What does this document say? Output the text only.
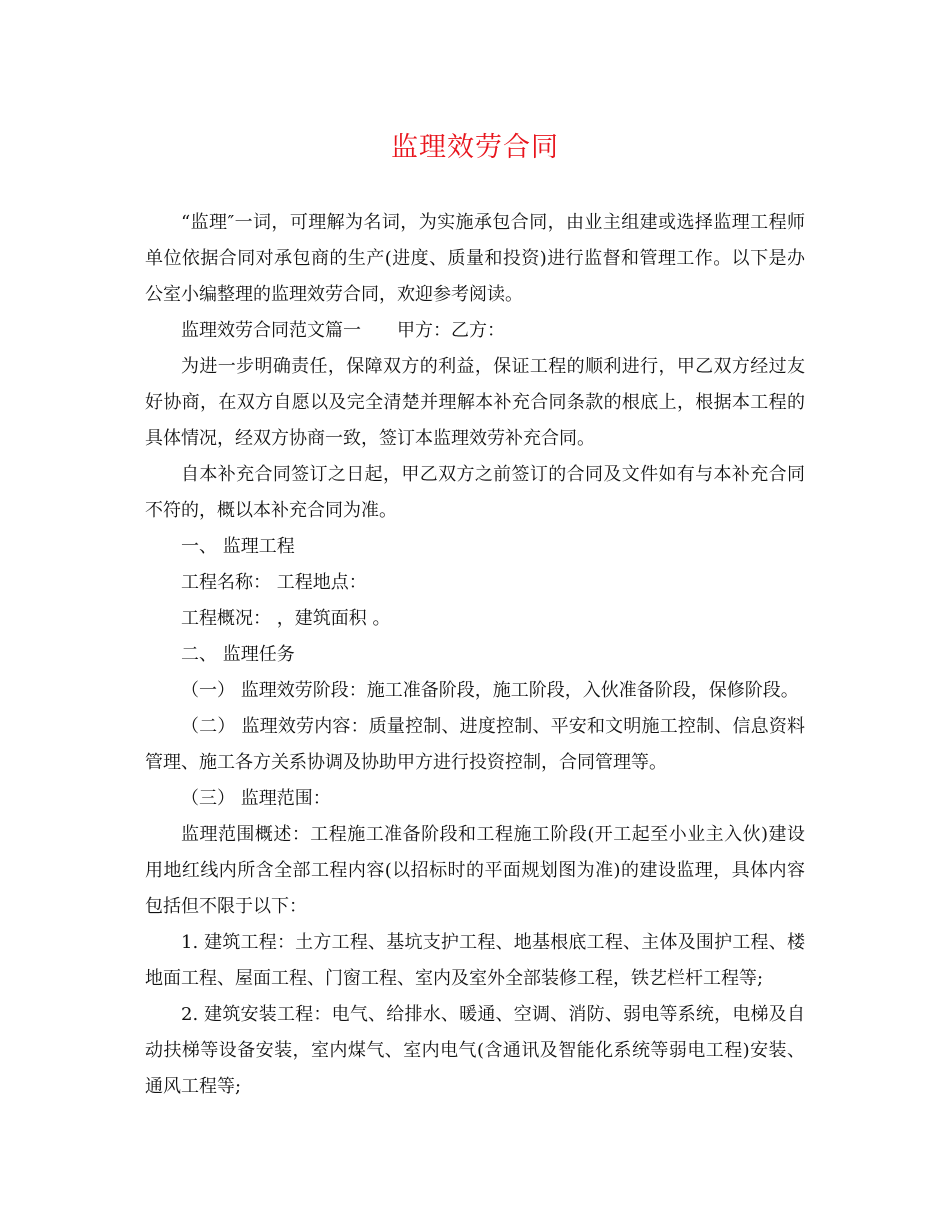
监理效劳合同

“监理″一词，可理解为名词，为实施承包合同，由业主组建或选择监理工程师单位依据合同对承包商的生产(进度、质量和投资)进行监督和管理工作。以下是办公室小编整理的监理效劳合同，欢迎参考阅读。

监理效劳合同范文篇一　　甲方：乙方：

为进一步明确责任，保障双方的利益，保证工程的顺利进行，甲乙双方经过友好协商，在双方自愿以及完全清楚并理解本补充合同条款的根底上，根据本工程的具体情况，经双方协商一致，签订本监理效劳补充合同。

自本补充合同签订之日起，甲乙双方之前签订的合同及文件如有与本补充合同不符的，概以本补充合同为准。

一、 监理工程

工程名称： 工程地点：

工程概况： ，建筑面积 。

二、 监理任务

（一） 监理效劳阶段：施工准备阶段，施工阶段，入伙准备阶段，保修阶段。

（二） 监理效劳内容：质量控制、进度控制、平安和文明施工控制、信息资料管理、施工各方关系协调及协助甲方进行投资控制，合同管理等。

（三） 监理范围：

监理范围概述：工程施工准备阶段和工程施工阶段(开工起至小业主入伙)建设用地红线内所含全部工程内容(以招标时的平面规划图为准)的建设监理，具体内容包括但不限于以下：

1. 建筑工程：土方工程、基坑支护工程、地基根底工程、主体及围护工程、楼地面工程、屋面工程、门窗工程、室内及室外全部装修工程，铁艺栏杆工程等;

2. 建筑安装工程：电气、给排水、暖通、空调、消防、弱电等系统，电梯及自动扶梯等设备安装，室内煤气、室内电气(含通讯及智能化系统等弱电工程)安装、通风工程等;
